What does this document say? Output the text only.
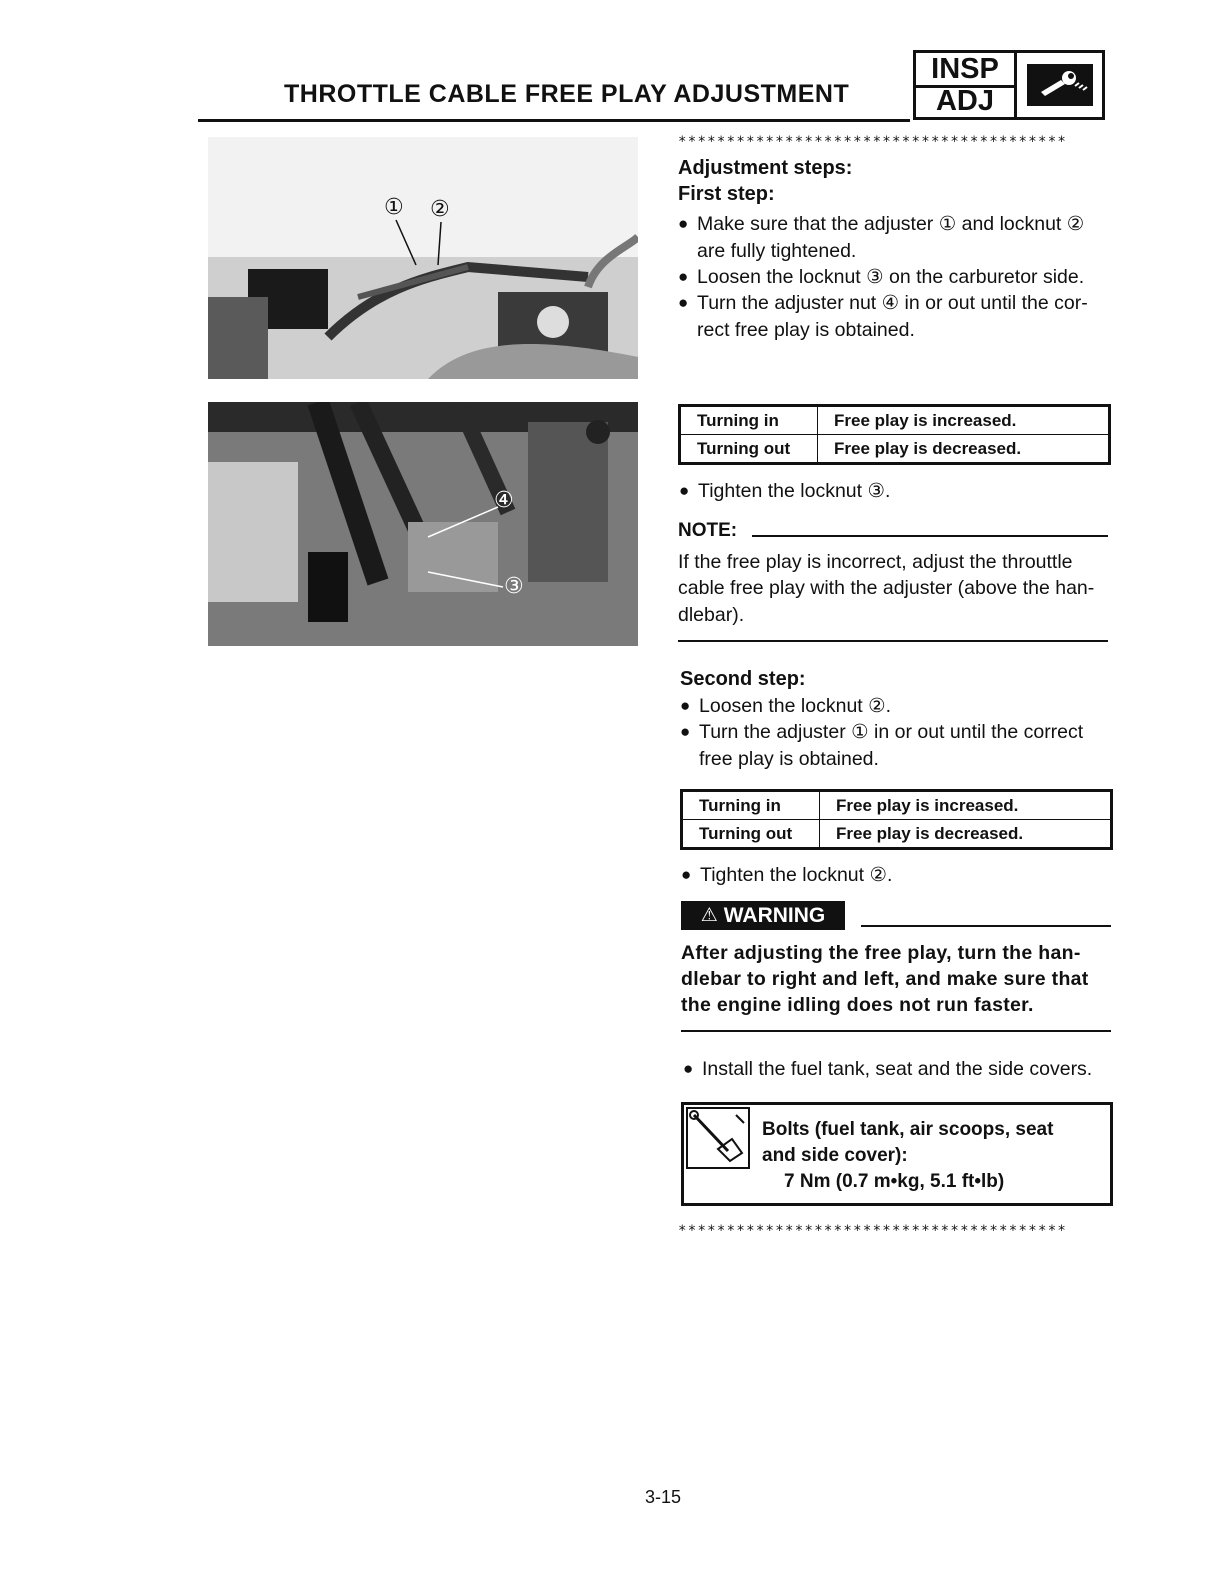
THROTTLE CABLE FREE PLAY ADJUSTMENT
INSP
ADJ
① ②
④
③
****************************************
Adjustment steps:
First step:
● Make sure that the adjuster ① and locknut ②
are fully tightened.
● Loosen the locknut ③ on the carburetor side.
● Turn the adjuster nut ④ in or out until the cor-
rect free play is obtained.
Turning in	Free play is increased.
Turning out	Free play is decreased.
● Tighten the locknut ③.
NOTE:
If the free play is incorrect, adjust the throuttle
cable free play with the adjuster (above the han-
dlebar).
Second step:
● Loosen the locknut ②.
● Turn the adjuster ① in or out until the correct
free play is obtained.
Turning in	Free play is increased.
Turning out	Free play is decreased.
● Tighten the locknut ②.
⚠ WARNING
After adjusting the free play, turn the han-
dlebar to right and left, and make sure that
the engine idling does not run faster.
● Install the fuel tank, seat and the side covers.
Bolts (fuel tank, air scoops, seat
and side cover):
7 Nm (0.7 m•kg, 5.1 ft•lb)
****************************************
3-15
